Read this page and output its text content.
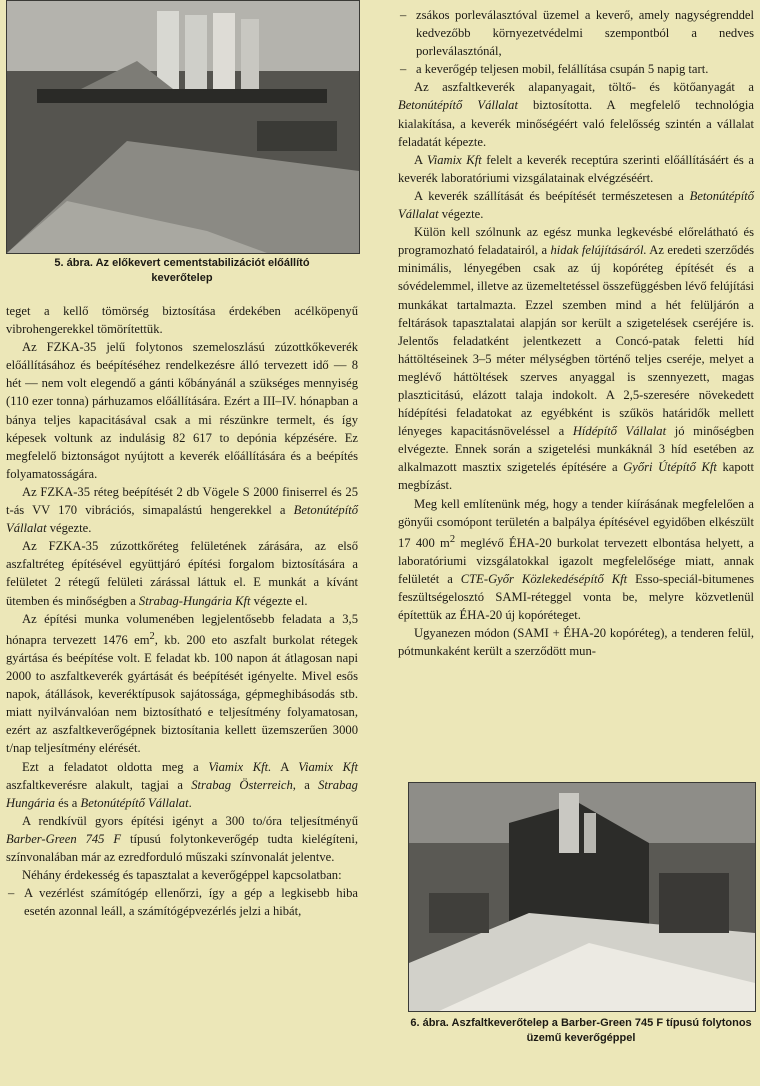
5. ábra. Az előkevert cementstabilizációt előállító keverőtelep

teget a kellő tömörség biztosítása érdekében acélköpenyű vibrohengerekkel tömörítettük.

Az FZKA-35 jelű folytonos szemeloszlású zúzottkőkeverék előállításához és beépítéséhez rendelkezésre álló tervezett idő — 8 hét — nem volt elegendő a gánti kőbányánál a szükséges mennyiség (110 ezer tonna) párhuzamos előállítására. Ezért a III–IV. hónapban a bánya teljes kapacitásával csak a mi részünkre termelt, és így képesek voltunk az indulásig 82 617 to depónia képzésére. Ez megfelelő biztonságot nyújtott a keverék előállítására és a beépítés folyamatosságára.

Az FZKA-35 réteg beépítését 2 db Vögele S 2000 finiserrel és 25 t-ás VV 170 vibrációs, simapalástú hengerekkel a Betonútépítő Vállalat végezte.

Az FZKA-35 zúzottkőréteg felületének zárására, az első aszfaltréteg építésével együttjáró építési forgalom biztosítására a felületet 2 rétegű felületi zárással láttuk el. E munkát a kívánt ütemben és minőségben a Strabag-Hungária Kft végezte el.

Az építési munka volumenében legjelentősebb feladata a 3,5 hónapra tervezett 1476 $em^2$, kb. 200 eto aszfalt burkolat rétegek gyártása és beépítése volt. E feladat kb. 100 napon át átlagosan napi 2000 to aszfaltkeverék gyártását és beépítését igényelte. Mivel esős napok, átállások, keveréktípusok sajátossága, gépmeghibásodás stb. miatt nyilvánvalóan nem biztosítható e teljesítmény folyamatosan, ezért az aszfaltkeverőgépnek biztosítania kellett üzemszerűen 3000 t/nap teljesítmény elérését.

Ezt a feladatot oldotta meg a Viamix Kft. A Viamix Kft aszfaltkeverésre alakult, tagjai a Strabag Österreich, a Strabag Hungária és a Betonútépítő Vállalat.

A rendkívül gyors építési igényt a 300 to/óra teljesítményű Barber-Green 745 F típusú folytonkeverőgép tudta kielégíteni, színvonalában már az ezredforduló műszaki színvonalát jelentve.

Néhány érdekesség és tapasztalat a keverőgéppel kapcsolatban:

– A vezérlést számítógép ellenőrzi, így a gép a legkisebb hiba esetén azonnal leáll, a számítógépvezérlés jelzi a hibát,
– zsákos porleválasztóval üzemel a keverő, amely nagységrenddel kedvezőbb környezetvédelmi szempontból a nedves porleválasztónál,
– a keverőgép teljesen mobil, felállítása csupán 5 napig tart.

Az aszfaltkeverék alapanyagait, töltő- és kötőanyagát a Betonútépítő Vállalat biztosította. A megfelelő technológia kialakítása, a keverék minőségéért való felelősség szintén a vállalat feladatát képezte.

A Viamix Kft felelt a keverék receptúra szerinti előállításáért és a keverék laboratóriumi vizsgálatainak elvégzéséért.

A keverék szállítását és beépítését természetesen a Betonútépítő Vállalat végezte.

Külön kell szólnunk az egész munka legkevésbé előrelátható és programozható feladatairól, a hidak felújításáról. Az eredeti szerződés minimális, lényegében csak az új kopóréteg építését és a sóvédelemmel, illetve az üzemeltetéssel összefüggésben lévő felújítási munkákat tartalmazta. Ezzel szemben mind a hét felüljárón a feltárások tapasztalatai alapján sor került a szigetelések cseréjére is. Jelentős feladatként jelentkezett a Concó-patak feletti híd háttöltéseinek 3–5 méter mélységben történő teljes cseréje, melyet a meglévő háttöltések szerves anyaggal is szennyezett, magas plaszticitású, elázott talaja indokolt. A 2,5-szeresére növekedett hídépítési feladatokat az egyébként is szűkös határidők mellett lényeges kapacitásnöveléssel a Hídépítő Vállalat jó minőségben elvégezte. Ennek során a szigetelési munkáknál 3 híd esetében az alkalmazott masztix szigetelés építésére a Győri Útépítő Kft kapott megbízást.

Meg kell említenünk még, hogy a tender kiírásának megfelelően a gönyűi csomópont területén a balpálya építésével egyidőben elkészült 17 400 $m^2$ meglévő ÉHA-20 burkolat tervezett elbontása helyett, a laboratóriumi vizsgálatokkal igazolt megfelelősége miatt, annak felületét a CTE-Győr Közlekedésépítő Kft Esso-speciál-bitumenes feszültségelosztó SAMI-réteggel vonta be, melyre közvetlenül építettük az ÉHA-20 új kopóréteget.

Ugyanezen módon (SAMI + ÉHA-20 kopóréteg), a tenderen felül, pótmunkaként került a szerződött mun-

6. ábra. Aszfaltkeverőtelep a Barber-Green 745 F típusú folytonos üzemű keverőgéppel
